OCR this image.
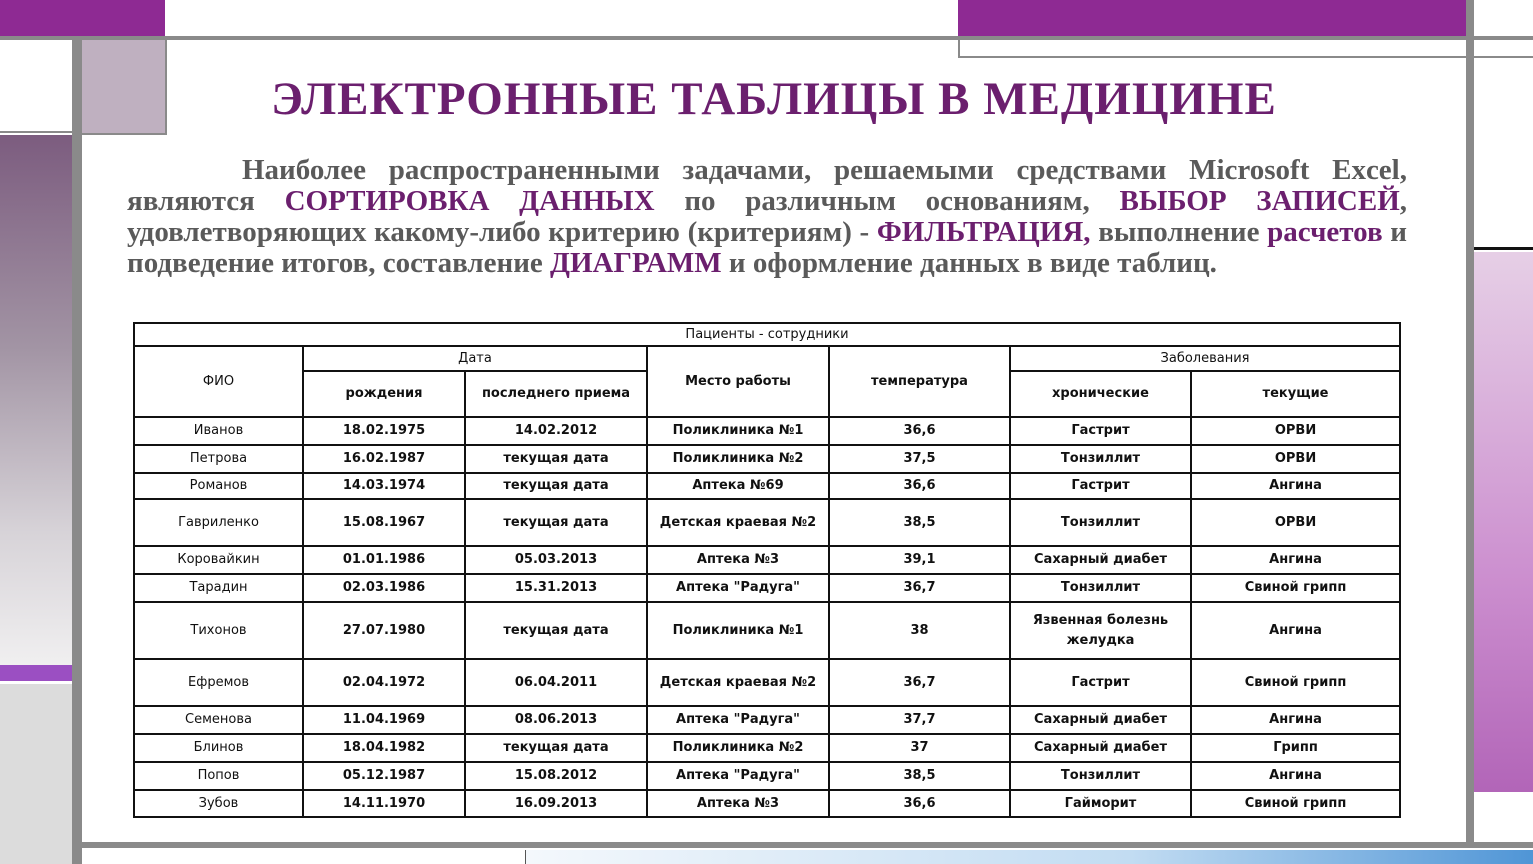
ЭЛЕКТРОННЫЕ ТАБЛИЦЫ В МЕДИЦИНЕ
Наиболее распространенными задачами, решаемыми средствами Microsoft Excel, являются СОРТИРОВКА ДАННЫХ по различным основаниям, ВЫБОР ЗАПИСЕЙ, удовлетворяющих какому-либо критерию (критериям) - ФИЛЬТРАЦИЯ, выполнение расчетов и подведение итогов, составление ДИАГРАММ и оформление данных в виде таблиц.
Пациенты - сотрудники						
ФИО	Дата		Место работы	температура	Заболевания	
	рождения	последнего приема			хронические	текущие
Иванов	18.02.1975	14.02.2012	Поликлиника №1	36,6	Гастрит	ОРВИ
Петрова	16.02.1987	текущая дата	Поликлиника №2	37,5	Тонзиллит	ОРВИ
Романов	14.03.1974	текущая дата	Аптека №69	36,6	Гастрит	Ангина
Гавриленко	15.08.1967	текущая дата	Детская краевая №2	38,5	Тонзиллит	ОРВИ
Коровайкин	01.01.1986	05.03.2013	Аптека №3	39,1	Сахарный диабет	Ангина
Тарадин	02.03.1986	15.31.2013	Аптека "Радуга"	36,7	Тонзиллит	Свиной грипп
Тихонов	27.07.1980	текущая дата	Поликлиника №1	38	Язвенная болезнь желудка	Ангина
Ефремов	02.04.1972	06.04.2011	Детская краевая №2	36,7	Гастрит	Свиной грипп
Семенова	11.04.1969	08.06.2013	Аптека "Радуга"	37,7	Сахарный диабет	Ангина
Блинов	18.04.1982	текущая дата	Поликлиника №2	37	Сахарный диабет	Грипп
Попов	05.12.1987	15.08.2012	Аптека "Радуга"	38,5	Тонзиллит	Ангина
Зубов	14.11.1970	16.09.2013	Аптека №3	36,6	Гайморит	Свиной грипп
